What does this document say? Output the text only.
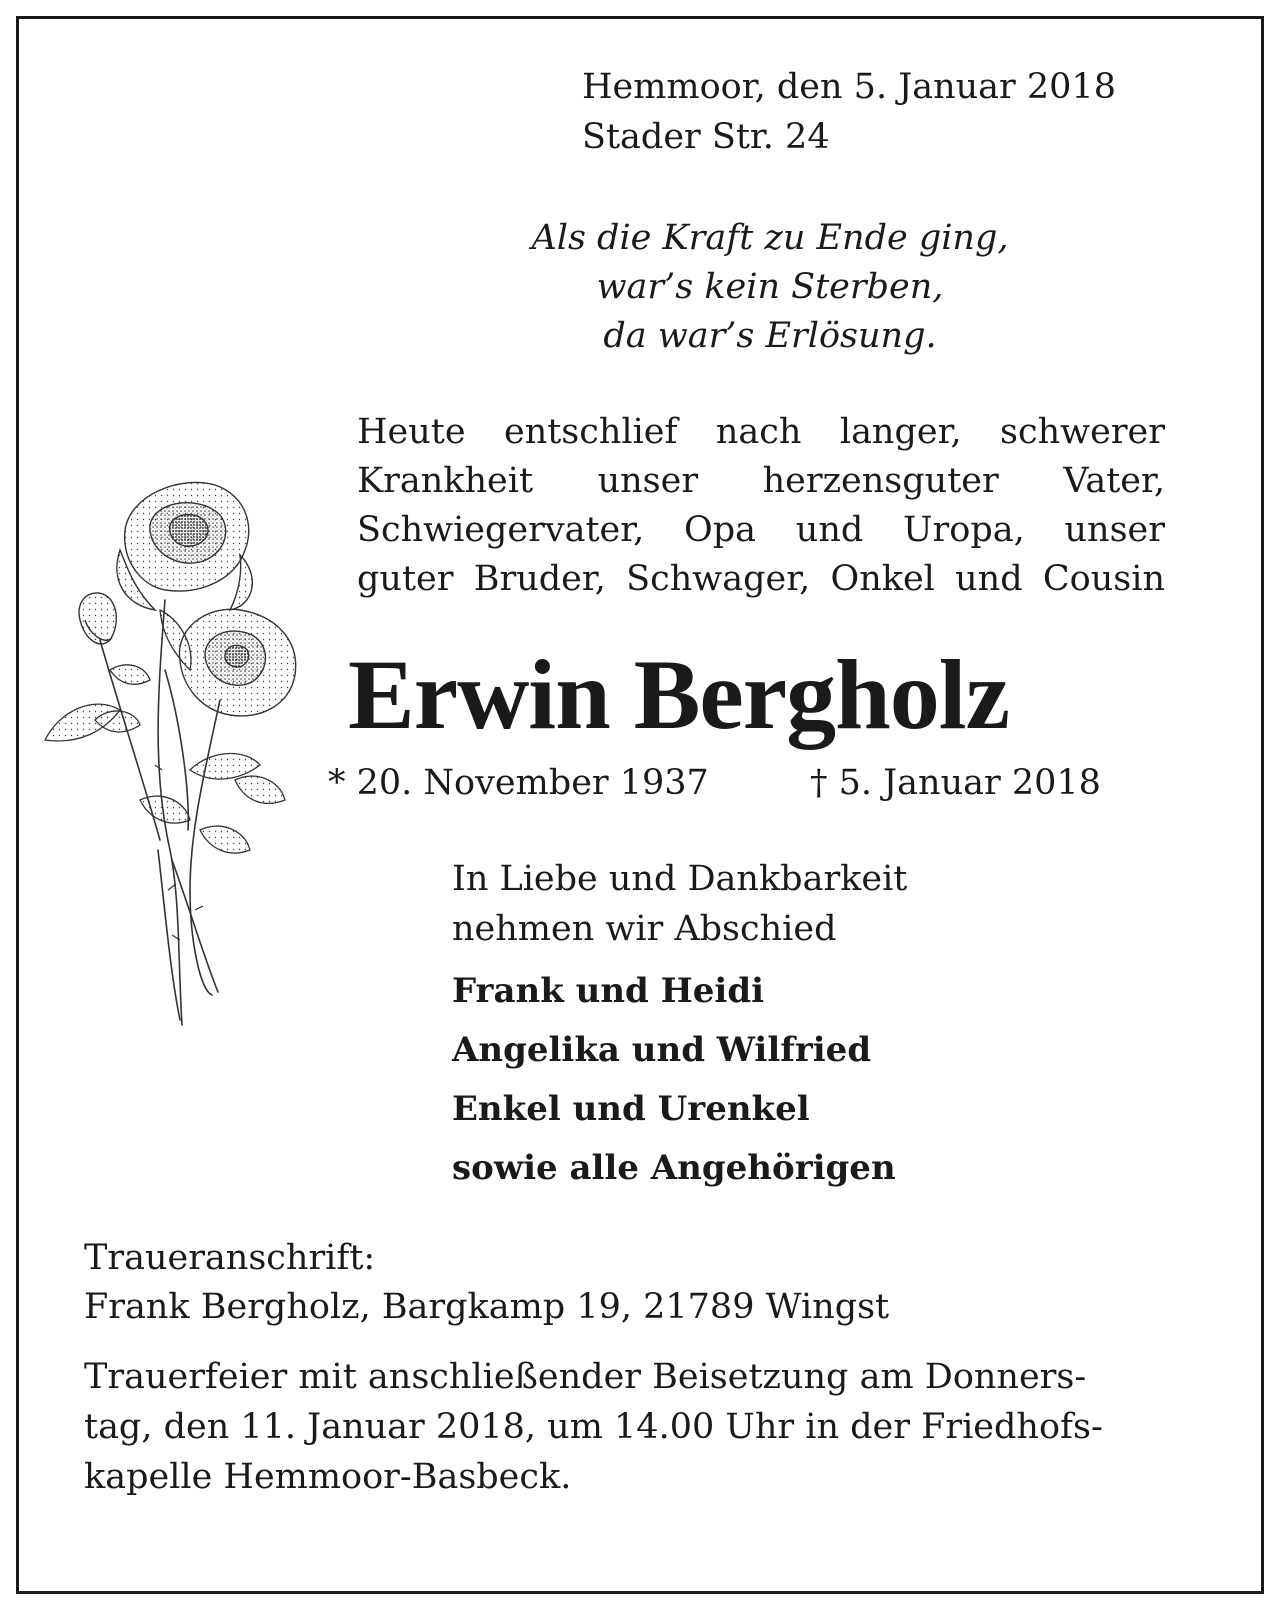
Hemmoor, den 5. Januar 2018
Stader Str. 24
Als die Kraft zu Ende ging,
war’s kein Sterben,
da war’s Erlösung.
Heute entschlief nach langer, schwerer
Krankheit unser herzensguter Vater,
Schwiegervater, Opa und Uropa, unser
guter Bruder, Schwager, Onkel und Cousin
Erwin Bergholz
* 20. November 1937	† 5. Januar 2018
In Liebe und Dankbarkeit
nehmen wir Abschied
Frank und Heidi
Angelika und Wilfried
Enkel und Urenkel
sowie alle Angehörigen
Traueranschrift:
Frank Bergholz, Bargkamp 19, 21789 Wingst
Trauerfeier mit anschließender Beisetzung am Donners-
tag, den 11. Januar 2018, um 14.00 Uhr in der Friedhofs-
kapelle Hemmoor-Basbeck.
